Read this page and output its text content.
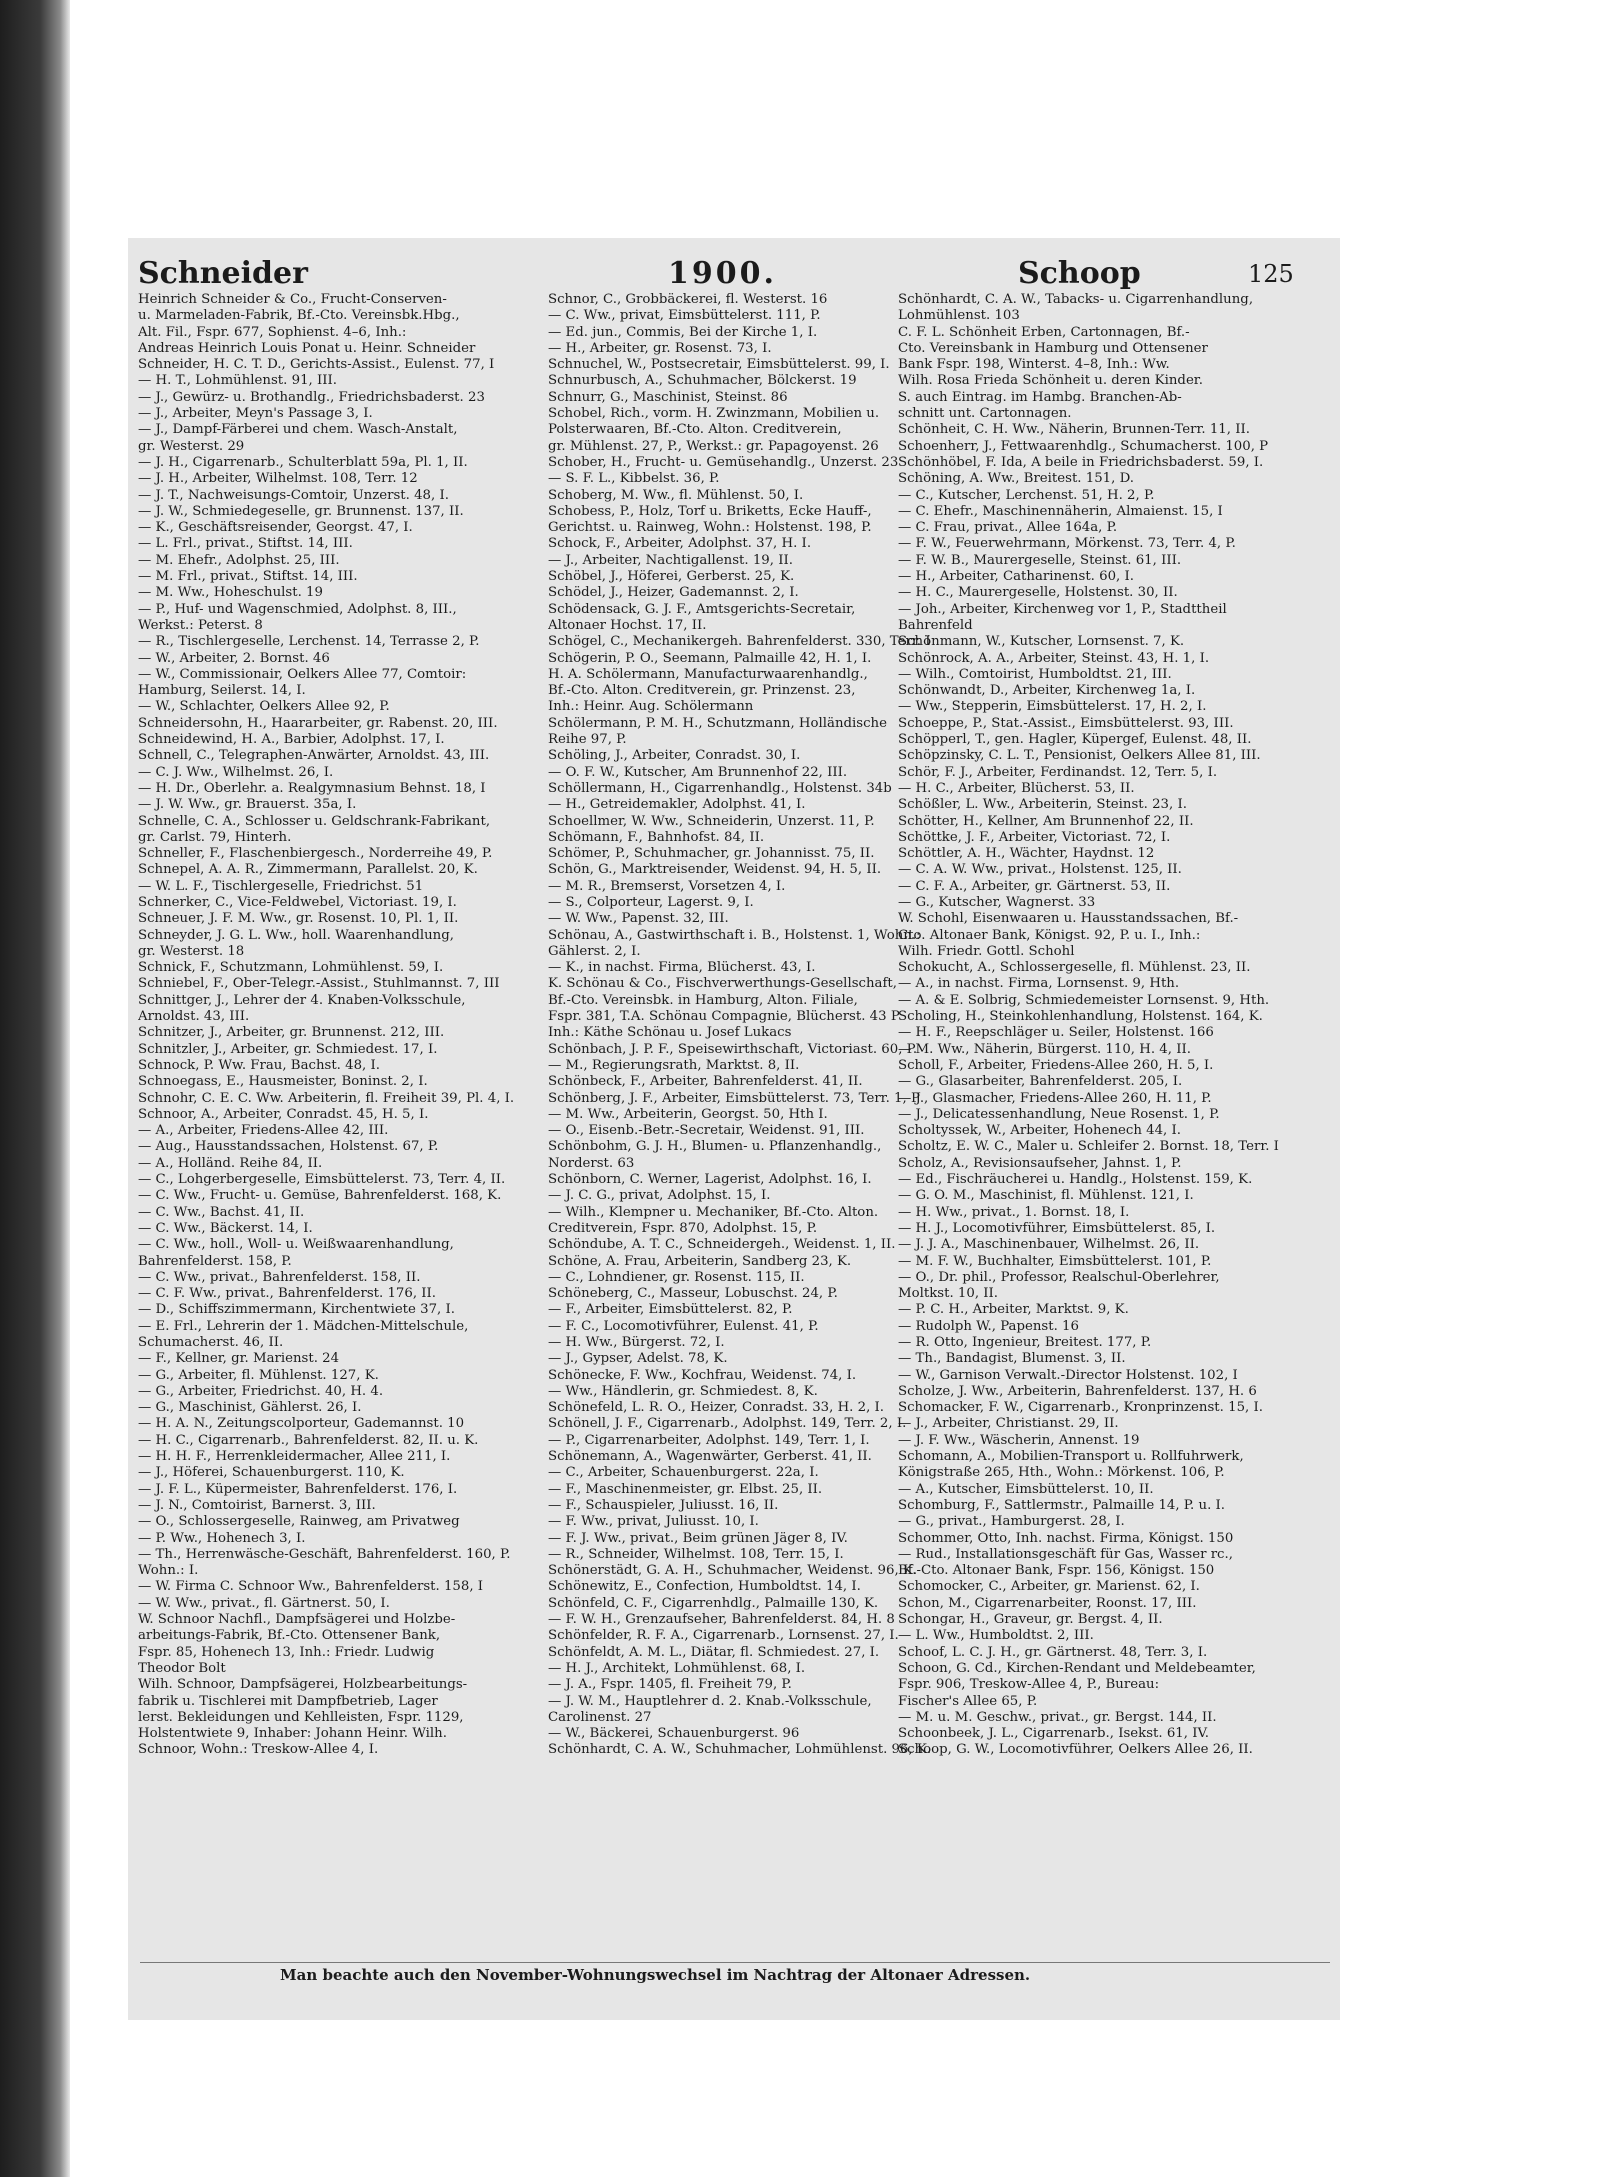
Schneider	1900.	Schoop	125
Heinrich Schneider & Co., Frucht-Conserven-
u. Marmeladen-Fabrik, Bf.-Cto. Vereinsbk.Hbg.,
Alt. Fil., Fspr. 677, Sophienst. 4–6, Inh.:
Andreas Heinrich Louis Ponat u. Heinr. Schneider
Schneider, H. C. T. D., Gerichts-Assist., Eulenst. 77, I
— H. T., Lohmühlenst. 91, III.
— J., Gewürz- u. Brothandlg., Friedrichsbaderst. 23
— J., Arbeiter, Meyn's Passage 3, I.
— J., Dampf-Färberei und chem. Wasch-Anstalt,
gr. Westerst. 29
— J. H., Cigarrenarb., Schulterblatt 59a, Pl. 1, II.
— J. H., Arbeiter, Wilhelmst. 108, Terr. 12
— J. T., Nachweisungs-Comtoir, Unzerst. 48, I.
— J. W., Schmiedegeselle, gr. Brunnenst. 137, II.
— K., Geschäftsreisender, Georgst. 47, I.
— L. Frl., privat., Stiftst. 14, III.
— M. Ehefr., Adolphst. 25, III.
— M. Frl., privat., Stiftst. 14, III.
— M. Ww., Hoheschulst. 19
— P., Huf- und Wagenschmied, Adolphst. 8, III.,
Werkst.: Peterst. 8
— R., Tischlergeselle, Lerchenst. 14, Terrasse 2, P.
— W., Arbeiter, 2. Bornst. 46
— W., Commissionair, Oelkers Allee 77, Comtoir:
Hamburg, Seilerst. 14, I.
— W., Schlachter, Oelkers Allee 92, P.
Schneidersohn, H., Haararbeiter, gr. Rabenst. 20, III.
Schneidewind, H. A., Barbier, Adolphst. 17, I.
Schnell, C., Telegraphen-Anwärter, Arnoldst. 43, III.
— C. J. Ww., Wilhelmst. 26, I.
— H. Dr., Oberlehr. a. Realgymnasium Behnst. 18, I
— J. W. Ww., gr. Brauerst. 35a, I.
Schnelle, C. A., Schlosser u. Geldschrank-Fabrikant,
gr. Carlst. 79, Hinterh.
Schneller, F., Flaschenbiergesch., Norderreihe 49, P.
Schnepel, A. A. R., Zimmermann, Parallelst. 20, K.
— W. L. F., Tischlergeselle, Friedrichst. 51
Schnerker, C., Vice-Feldwebel, Victoriast. 19, I.
Schneuer, J. F. M. Ww., gr. Rosenst. 10, Pl. 1, II.
Schneyder, J. G. L. Ww., holl. Waarenhandlung,
gr. Westerst. 18
Schnick, F., Schutzmann, Lohmühlenst. 59, I.
Schniebel, F., Ober-Telegr.-Assist., Stuhlmannst. 7, III
Schnittger, J., Lehrer der 4. Knaben-Volksschule,
Arnoldst. 43, III.
Schnitzer, J., Arbeiter, gr. Brunnenst. 212, III.
Schnitzler, J., Arbeiter, gr. Schmiedest. 17, I.
Schnock, P. Ww. Frau, Bachst. 48, I.
Schnoegass, E., Hausmeister, Boninst. 2, I.
Schnohr, C. E. C. Ww. Arbeiterin, fl. Freiheit 39, Pl. 4, I.
Schnoor, A., Arbeiter, Conradst. 45, H. 5, I.
— A., Arbeiter, Friedens-Allee 42, III.
— Aug., Hausstandssachen, Holstenst. 67, P.
— A., Holländ. Reihe 84, II.
— C., Lohgerbergeselle, Eimsbüttelerst. 73, Terr. 4, II.
— C. Ww., Frucht- u. Gemüse, Bahrenfelderst. 168, K.
— C. Ww., Bachst. 41, II.
— C. Ww., Bäckerst. 14, I.
— C. Ww., holl., Woll- u. Weißwaarenhandlung,
Bahrenfelderst. 158, P.
— C. Ww., privat., Bahrenfelderst. 158, II.
— C. F. Ww., privat., Bahrenfelderst. 176, II.
— D., Schiffszimmermann, Kirchentwiete 37, I.
— E. Frl., Lehrerin der 1. Mädchen-Mittelschule,
Schumacherst. 46, II.
— F., Kellner, gr. Marienst. 24
— G., Arbeiter, fl. Mühlenst. 127, K.
— G., Arbeiter, Friedrichst. 40, H. 4.
— G., Maschinist, Gählerst. 26, I.
— H. A. N., Zeitungscolporteur, Gademannst. 10
— H. C., Cigarrenarb., Bahrenfelderst. 82, II. u. K.
— H. H. F., Herrenkleidermacher, Allee 211, I.
— J., Höferei, Schauenburgerst. 110, K.
— J. F. L., Küpermeister, Bahrenfelderst. 176, I.
— J. N., Comtoirist, Barnerst. 3, III.
— O., Schlossergeselle, Rainweg, am Privatweg
— P. Ww., Hoheneсh 3, I.
— Th., Herrenwäsche-Geschäft, Bahrenfelderst. 160, P.
Wohn.: I.
— W. Firma C. Schnoor Ww., Bahrenfelderst. 158, I
— W. Ww., privat., fl. Gärtnerst. 50, I.
W. Schnoor Nachfl., Dampfsägerei und Holzbe-
arbeitungs-Fabrik, Bf.-Cto. Ottensener Bank,
Fspr. 85, Hoheneсh 13, Inh.: Friedr. Ludwig
Theodor Bolt
Wilh. Schnoor, Dampfsägerei, Holzbearbeitungs-
fabrik u. Tischlerei mit Dampfbetrieb, Lager
lerst. Bekleidungen und Kehlleisten, Fspr. 1129,
Holstentwiete 9, Inhaber: Johann Heinr. Wilh.
Schnoor, Wohn.: Treskow-Allee 4, I.
Schnor, C., Grobbäckerei, fl. Westerst. 16
— C. Ww., privat, Eimsbüttelerst. 111, P.
— Ed. jun., Commis, Bei der Kirche 1, I.
— H., Arbeiter, gr. Rosenst. 73, I.
Schnuchel, W., Postsecretair, Eimsbüttelerst. 99, I.
Schnurbusch, A., Schuhmacher, Bölckerst. 19
Schnurr, G., Maschinist, Steinst. 86
Schobel, Rich., vorm. H. Zwinzmann, Mobilien u.
Polsterwaaren, Bf.-Cto. Alton. Creditverein,
gr. Mühlenst. 27, P., Werkst.: gr. Papagoyenst. 26
Schober, H., Frucht- u. Gemüsehandlg., Unzerst. 23
— S. F. L., Kibbelst. 36, P.
Schoberg, M. Ww., fl. Mühlenst. 50, I.
Schobess, P., Holz, Torf u. Briketts, Ecke Hauff-,
Gerichtst. u. Rainweg, Wohn.: Holstenst. 198, P.
Schock, F., Arbeiter, Adolphst. 37, H. I.
— J., Arbeiter, Nachtigallenst. 19, II.
Schöbel, J., Höferei, Gerberst. 25, K.
Schödel, J., Heizer, Gademannst. 2, I.
Schödensack, G. J. F., Amtsgerichts-Secretair,
Altonaer Hochst. 17, II.
Schögel, C., Mechanikergeh. Bahrenfelderst. 330, Terr. I
Schögerin, P. O., Seemann, Palmaille 42, H. 1, I.
H. A. Schölermann, Manufacturwaarenhandlg.,
Bf.-Cto. Alton. Creditverein, gr. Prinzenst. 23,
Inh.: Heinr. Aug. Schölermann
Schölermann, P. M. H., Schutzmann, Holländische
Reihe 97, P.
Schöling, J., Arbeiter, Conradst. 30, I.
— O. F. W., Kutscher, Am Brunnenhof 22, III.
Schöllermann, H., Cigarrenhandlg., Holstenst. 34b
— H., Getreidemakler, Adolphst. 41, I.
Schoellmer, W. Ww., Schneiderin, Unzerst. 11, P.
Schömann, F., Bahnhofst. 84, II.
Schömer, P., Schuhmacher, gr. Johannisst. 75, II.
Schön, G., Marktreisender, Weidenst. 94, H. 5, II.
— M. R., Bremserst, Vorsetzen 4, I.
— S., Colporteur, Lagerst. 9, I.
— W. Ww., Papenst. 32, III.
Schönau, A., Gastwirthschaft i. B., Holstenst. 1, Wohn.:
Gählerst. 2, I.
— K., in nachst. Firma, Blücherst. 43, I.
K. Schönau & Co., Fischverwerthungs-Gesellschaft,
Bf.-Cto. Vereinsbk. in Hamburg, Alton. Filiale,
Fspr. 381, T.A. Schönau Compagnie, Blücherst. 43 P
Inh.: Käthe Schönau u. Josef Lukacs
Schönbach, J. P. F., Speisewirthschaft, Victoriast. 60, P.
— M., Regierungsrath, Marktst. 8, II.
Schönbeck, F., Arbeiter, Bahrenfelderst. 41, II.
Schönberg, J. F., Arbeiter, Eimsbüttelerst. 73, Terr. 1, P
— M. Ww., Arbeiterin, Georgst. 50, Hth I.
— O., Eisenb.-Betr.-Secretair, Weidenst. 91, III.
Schönbohm, G. J. H., Blumen- u. Pflanzenhandlg.,
Norderst. 63
Schönborn, C. Werner, Lagerist, Adolphst. 16, I.
— J. C. G., privat, Adolphst. 15, I.
— Wilh., Klempner u. Mechaniker, Bf.-Cto. Alton.
Creditverein, Fspr. 870, Adolphst. 15, P.
Schöndube, A. T. C., Schneidergeh., Weidenst. 1, II.
Schöne, A. Frau, Arbeiterin, Sandberg 23, K.
— C., Lohndiener, gr. Rosenst. 115, II.
Schöneberg, C., Masseur, Lobuschst. 24, P.
— F., Arbeiter, Eimsbüttelerst. 82, P.
— F. C., Locomotivführer, Eulenst. 41, P.
— H. Ww., Bürgerst. 72, I.
— J., Gypser, Adelst. 78, K.
Schönecke, F. Ww., Kochfrau, Weidenst. 74, I.
— Ww., Händlerin, gr. Schmiedest. 8, K.
Schönefeld, L. R. O., Heizer, Conradst. 33, H. 2, I.
Schönell, J. F., Cigarrenarb., Adolphst. 149, Terr. 2, I.
— P., Cigarrenarbeiter, Adolphst. 149, Terr. 1, I.
Schönemann, A., Wagenwärter, Gerberst. 41, II.
— C., Arbeiter, Schauenburgerst. 22a, I.
— F., Maschinenmeister, gr. Elbst. 25, II.
— F., Schauspieler, Juliusst. 16, II.
— F. Ww., privat, Juliusst. 10, I.
— F. J. Ww., privat., Beim grünen Jäger 8, IV.
— R., Schneider, Wilhelmst. 108, Terr. 15, I.
Schönerstädt, G. A. H., Schuhmacher, Weidenst. 96, K.
Schönewitz, E., Confection, Humboldtst. 14, I.
Schönfeld, C. F., Cigarrenhdlg., Palmaille 130, K.
— F. W. H., Grenzaufseher, Bahrenfelderst. 84, H. 8
Schönfelder, R. F. A., Cigarrenarb., Lornsenst. 27, I.
Schönfeldt, A. M. L., Diätar, fl. Schmiedest. 27, I.
— H. J., Architekt, Lohmühlenst. 68, I.
— J. A., Fspr. 1405, fl. Freiheit 79, P.
— J. W. M., Hauptlehrer d. 2. Knab.-Volksschule,
Carolinenst. 27
— W., Bäckerei, Schauenburgerst. 96
Schönhardt, C. A. W., Schuhmacher, Lohmühlenst. 96, K.
Schönhardt, C. A. W., Tabacks- u. Cigarrenhandlung,
Lohmühlenst. 103
C. F. L. Schönheit Erben, Cartonnagen, Bf.-
Cto. Vereinsbank in Hamburg und Ottensener
Bank Fspr. 198, Winterst. 4–8, Inh.: Ww.
Wilh. Rosa Frieda Schönheit u. deren Kinder.
S. auch Eintrag. im Hambg. Branchen-Ab-
schnitt unt. Cartonnagen.
Schönheit, C. H. Ww., Näherin, Brunnen-Terr. 11, II.
Schoenherr, J., Fettwaarenhdlg., Schumacherst. 100, P
Schönhöbel, F. Ida, A beile in Friedrichsbaderst. 59, I.
Schöning, A. Ww., Breitest. 151, D.
— C., Kutscher, Lerchenst. 51, H. 2, P.
— C. Ehefr., Maschinennäherin, Almaienst. 15, I
— C. Frau, privat., Allee 164a, P.
— F. W., Feuerwehrmann, Mörkenst. 73, Terr. 4, P.
— F. W. B., Maurergeselle, Steinst. 61, III.
— H., Arbeiter, Catharinenst. 60, I.
— H. C., Maurergeselle, Holstenst. 30, II.
— Joh., Arbeiter, Kirchenweg vor 1, P., Stadttheil
Bahrenfeld
Schönmann, W., Kutscher, Lornsenst. 7, K.
Schönrock, A. A., Arbeiter, Steinst. 43, H. 1, I.
— Wilh., Comtoirist, Humboldtst. 21, III.
Schönwandt, D., Arbeiter, Kirchenweg 1a, I.
— Ww., Stepperin, Eimsbüttelerst. 17, H. 2, I.
Schoeppe, P., Stat.-Assist., Eimsbüttelerst. 93, III.
Schöpperl, T., gen. Hagler, Küpergef, Eulenst. 48, II.
Schöpzinsky, C. L. T., Pensionist, Oelkers Allee 81, III.
Schör, F. J., Arbeiter, Ferdinandst. 12, Terr. 5, I.
— H. C., Arbeiter, Blücherst. 53, II.
Schößler, L. Ww., Arbeiterin, Steinst. 23, I.
Schötter, H., Kellner, Am Brunnenhof 22, II.
Schöttke, J. F., Arbeiter, Victoriast. 72, I.
Schöttler, A. H., Wächter, Haydnst. 12
— C. A. W. Ww., privat., Holstenst. 125, II.
— C. F. A., Arbeiter, gr. Gärtnerst. 53, II.
— G., Kutscher, Wagnerst. 33
W. Schohl, Eisenwaaren u. Hausstandssachen, Bf.-
Cto. Altonaer Bank, Königst. 92, P. u. I., Inh.:
Wilh. Friedr. Gottl. Schohl
Schokucht, A., Schlossergeselle, fl. Mühlenst. 23, II.
— A., in nachst. Firma, Lornsenst. 9, Hth.
— A. & E. Solbrig, Schmiedemeister Lornsenst. 9, Hth.
Scholing, H., Steinkohlenhandlung, Holstenst. 164, K.
— H. F., Reepschläger u. Seiler, Holstenst. 166
— M. Ww., Näherin, Bürgerst. 110, H. 4, II.
Scholl, F., Arbeiter, Friedens-Allee 260, H. 5, I.
— G., Glasarbeiter, Bahrenfelderst. 205, I.
— J., Glasmacher, Friedens-Allee 260, H. 11, P.
— J., Delicatessenhandlung, Neue Rosenst. 1, P.
Scholtyssek, W., Arbeiter, Hoheneсh 44, I.
Scholtz, E. W. C., Maler u. Schleifer 2. Bornst. 18, Terr. I
Scholz, A., Revisionsaufseher, Jahnst. 1, P.
— Ed., Fischräucherei u. Handlg., Holstenst. 159, K.
— G. O. M., Maschinist, fl. Mühlenst. 121, I.
— H. Ww., privat., 1. Bornst. 18, I.
— H. J., Locomotivführer, Eimsbüttelerst. 85, I.
— J. J. A., Maschinenbauer, Wilhelmst. 26, II.
— M. F. W., Buchhalter, Eimsbüttelerst. 101, P.
— O., Dr. phil., Professor, Realschul-Oberlehrer,
Moltkst. 10, II.
— P. C. H., Arbeiter, Marktst. 9, K.
— Rudolph W., Papenst. 16
— R. Otto, Ingenieur, Breitest. 177, P.
— Th., Bandagist, Blumenst. 3, II.
— W., Garnison Verwalt.-Director Holstenst. 102, I
Scholze, J. Ww., Arbeiterin, Bahrenfelderst. 137, H. 6
Schomacker, F. W., Cigarrenarb., Kronprinzenst. 15, I.
— J., Arbeiter, Christianst. 29, II.
— J. F. Ww., Wäscherin, Annenst. 19
Schomann, A., Mobilien-Transport u. Rollfuhrwerk,
Königstraße 265, Hth., Wohn.: Mörkenst. 106, P.
— A., Kutscher, Eimsbüttelerst. 10, II.
Schomburg, F., Sattlermstr., Palmaille 14, P. u. I.
— G., privat., Hamburgerst. 28, I.
Schommer, Otto, Inh. nachst. Firma, Königst. 150
— Rud., Installationsgeschäft für Gas, Wasser rc.,
Bf.-Cto. Altonaer Bank, Fspr. 156, Königst. 150
Schomocker, C., Arbeiter, gr. Marienst. 62, I.
Schon, M., Cigarrenarbeiter, Roonst. 17, III.
Schongar, H., Graveur, gr. Bergst. 4, II.
— L. Ww., Humboldtst. 2, III.
Schoof, L. C. J. H., gr. Gärtnerst. 48, Terr. 3, I.
Schoon, G. Cd., Kirchen-Rendant und Meldebeamter,
Fspr. 906, Treskow-Allee 4, P., Bureau:
Fischer's Allee 65, P.
— M. u. M. Geschw., privat., gr. Bergst. 144, II.
Schoonbeek, J. L., Cigarrenarb., Isekst. 61, IV.
Schoop, G. W., Locomotivführer, Oelkers Allee 26, II.
Man beachte auch den November-Wohnungswechsel im Nachtrag der Altonaer Adressen.
